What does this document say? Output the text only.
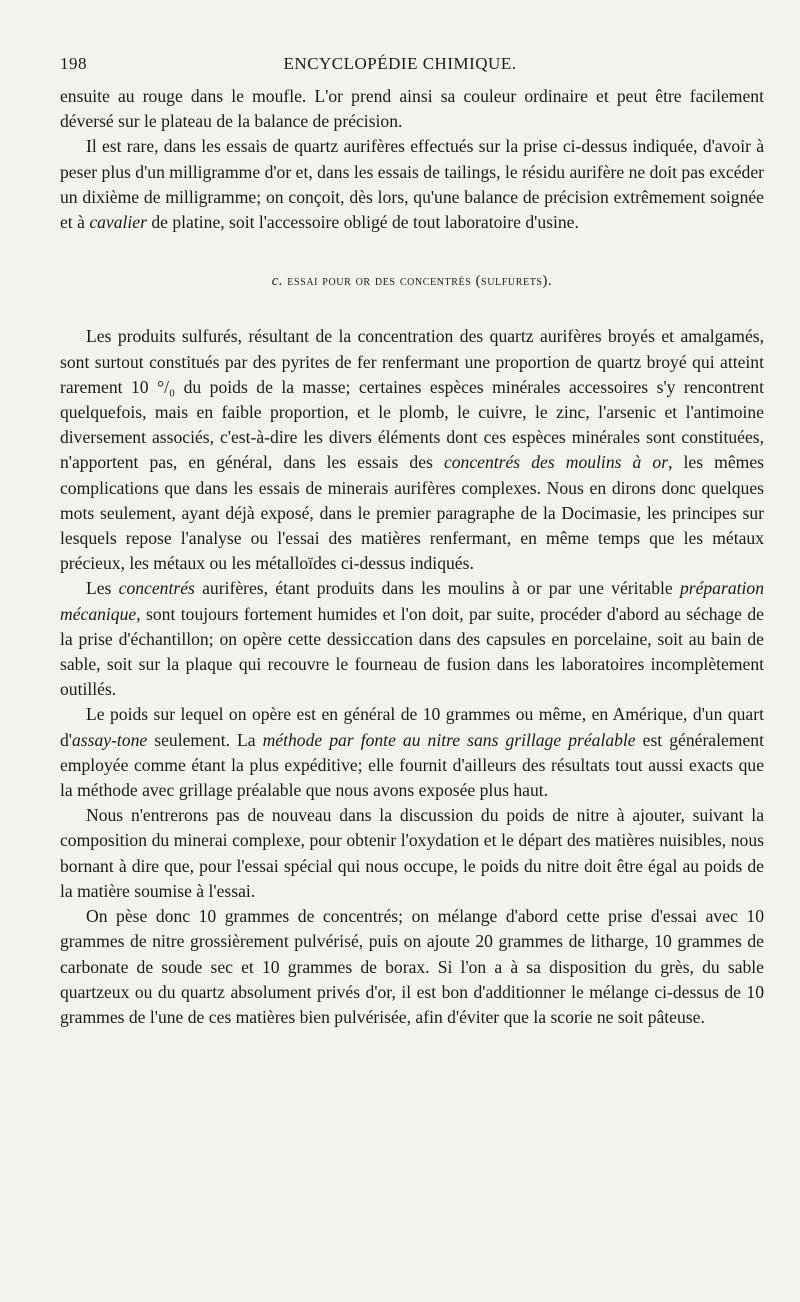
198	ENCYCLOPÉDIE CHIMIQUE.

ensuite au rouge dans le moufle. L'or prend ainsi sa couleur ordinaire et peut être facilement déversé sur le plateau de la balance de précision.

Il est rare, dans les essais de quartz aurifères effectués sur la prise ci-dessus indiquée, d'avoir à peser plus d'un milligramme d'or et, dans les essais de tailings, le résidu aurifère ne doit pas excéder un dixième de milligramme; on conçoit, dès lors, qu'une balance de précision extrêmement soignée et à cavalier de platine, soit l'accessoire obligé de tout laboratoire d'usine.

c. essai pour or des concentrés (sulfurets).

Les produits sulfurés, résultant de la concentration des quartz aurifères broyés et amalgamés, sont surtout constitués par des pyrites de fer renfermant une proportion de quartz broyé qui atteint rarement 10 °/₀ du poids de la masse; certaines espèces minérales accessoires s'y rencontrent quelquefois, mais en faible proportion, et le plomb, le cuivre, le zinc, l'arsenic et l'antimoine diversement associés, c'est-à-dire les divers éléments dont ces espèces minérales sont constituées, n'apportent pas, en général, dans les essais des concentrés des moulins à or, les mêmes complications que dans les essais de minerais aurifères complexes. Nous en dirons donc quelques mots seulement, ayant déjà exposé, dans le premier paragraphe de la Docimasie, les principes sur lesquels repose l'analyse ou l'essai des matières renfermant, en même temps que les métaux précieux, les métaux ou les métalloïdes ci-dessus indiqués.

Les concentrés aurifères, étant produits dans les moulins à or par une véritable préparation mécanique, sont toujours fortement humides et l'on doit, par suite, procéder d'abord au séchage de la prise d'échantillon; on opère cette dessiccation dans des capsules en porcelaine, soit au bain de sable, soit sur la plaque qui recouvre le fourneau de fusion dans les laboratoires incomplètement outillés.

Le poids sur lequel on opère est en général de 10 grammes ou même, en Amérique, d'un quart d'assay-tone seulement. La méthode par fonte au nitre sans grillage préalable est généralement employée comme étant la plus expéditive; elle fournit d'ailleurs des résultats tout aussi exacts que la méthode avec grillage préalable que nous avons exposée plus haut.

Nous n'entrerons pas de nouveau dans la discussion du poids de nitre à ajouter, suivant la composition du minerai complexe, pour obtenir l'oxydation et le départ des matières nuisibles, nous bornant à dire que, pour l'essai spécial qui nous occupe, le poids du nitre doit être égal au poids de la matière soumise à l'essai.

On pèse donc 10 grammes de concentrés; on mélange d'abord cette prise d'essai avec 10 grammes de nitre grossièrement pulvérisé, puis on ajoute 20 grammes de litharge, 10 grammes de carbonate de soude sec et 10 grammes de borax. Si l'on a à sa disposition du grès, du sable quartzeux ou du quartz absolument privés d'or, il est bon d'additionner le mélange ci-dessus de 10 grammes de l'une de ces matières bien pulvérisée, afin d'éviter que la scorie ne soit pâteuse.
